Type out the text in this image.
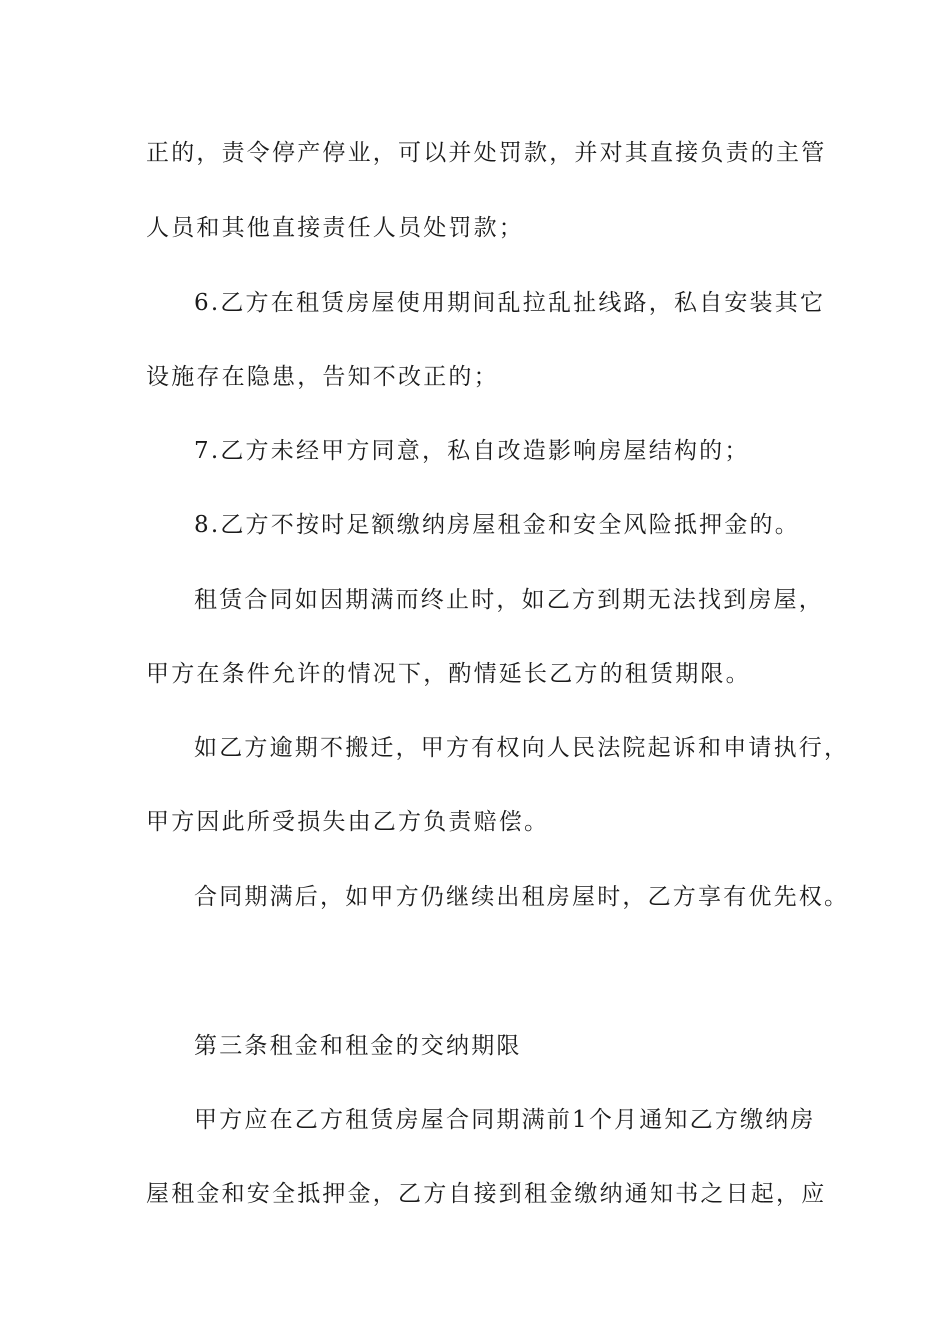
正的，责令停产停业，可以并处罚款，并对其直接负责的主管
人员和其他直接责任人员处罚款；
6.乙方在租赁房屋使用期间乱拉乱扯线路，私自安装其它
设施存在隐患，告知不改正的；
7.乙方未经甲方同意，私自改造影响房屋结构的；
8.乙方不按时足额缴纳房屋租金和安全风险抵押金的。
租赁合同如因期满而终止时，如乙方到期无法找到房屋，
甲方在条件允许的情况下，酌情延长乙方的租赁期限。
如乙方逾期不搬迁，甲方有权向人民法院起诉和申请执行，
甲方因此所受损失由乙方负责赔偿。
合同期满后，如甲方仍继续出租房屋时，乙方享有优先权。
第三条租金和租金的交纳期限
甲方应在乙方租赁房屋合同期满前1个月通知乙方缴纳房
屋租金和安全抵押金，乙方自接到租金缴纳通知书之日起，应
